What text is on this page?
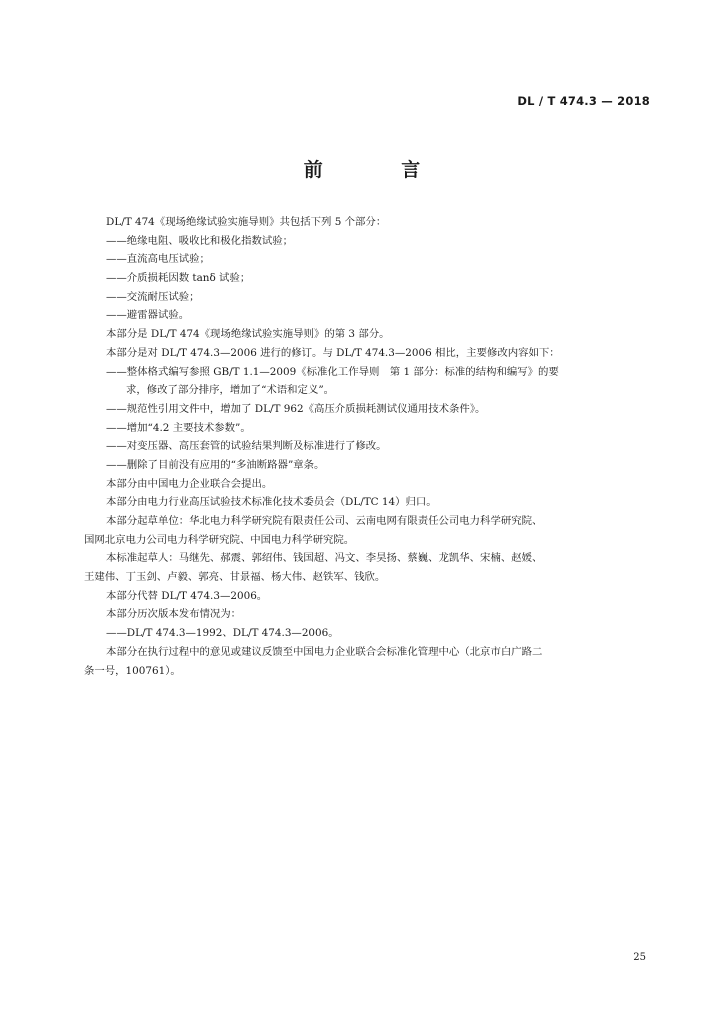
DL / T 474.3 — 2018
前 言
DL/T 474《现场绝缘试验实施导则》共包括下列 5 个部分：
——绝缘电阻、吸收比和极化指数试验；
——直流高电压试验；
——介质损耗因数 tanδ 试验；
——交流耐压试验；
——避雷器试验。
本部分是 DL/T 474《现场绝缘试验实施导则》的第 3 部分。
本部分是对 DL/T 474.3—2006 进行的修订。与 DL/T 474.3—2006 相比，主要修改内容如下：
——整体格式编写参照 GB/T 1.1—2009《标准化工作导则　第 1 部分：标准的结构和编写》的要
求，修改了部分排序，增加了“术语和定义”。
——规范性引用文件中，增加了 DL/T 962《高压介质损耗测试仪通用技术条件》。
——增加“4.2 主要技术参数”。
——对变压器、高压套管的试验结果判断及标准进行了修改。
——删除了目前没有应用的“多油断路器”章条。
本部分由中国电力企业联合会提出。
本部分由电力行业高压试验技术标准化技术委员会（DL/TC 14）归口。
本部分起草单位：华北电力科学研究院有限责任公司、云南电网有限责任公司电力科学研究院、
国网北京电力公司电力科学研究院、中国电力科学研究院。
本标准起草人：马继先、郝震、郭绍伟、钱国超、冯文、李昊扬、蔡巍、龙凯华、宋楠、赵媛、
王建伟、丁玉剑、卢毅、郭亮、甘景福、杨大伟、赵铁军、钱欣。
本部分代替 DL/T 474.3—2006。
本部分历次版本发布情况为：
——DL/T 474.3—1992、DL/T 474.3—2006。
本部分在执行过程中的意见或建议反馈至中国电力企业联合会标准化管理中心（北京市白广路二
条一号，100761）。
25
